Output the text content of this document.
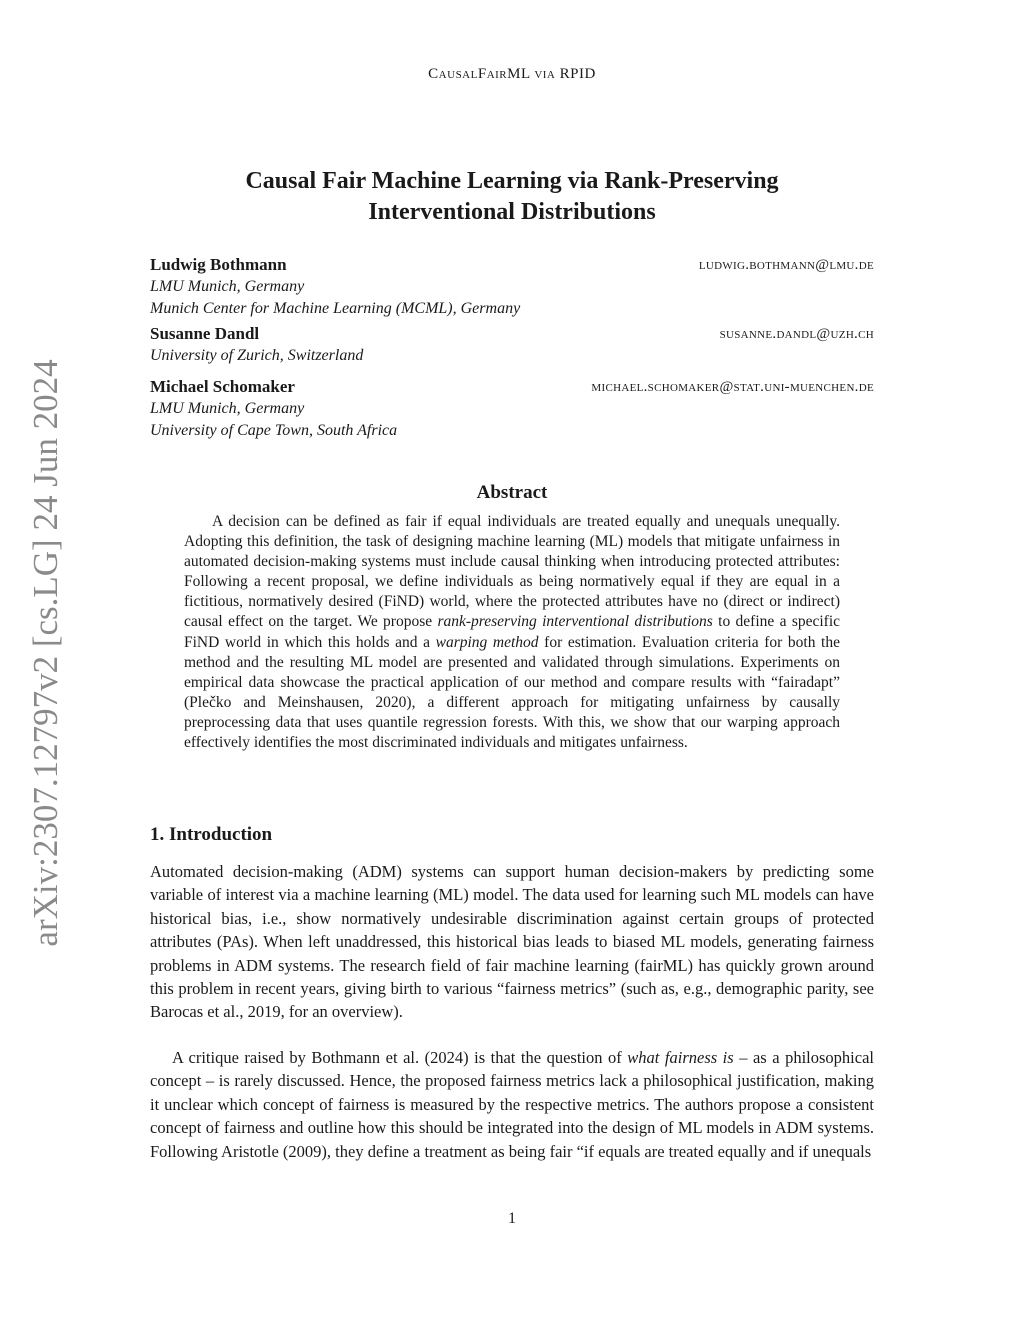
CausalFairML via RPID
arXiv:2307.12797v2 [cs.LG] 24 Jun 2024
Causal Fair Machine Learning via Rank-Preserving
Interventional Distributions
Ludwig Bothmann	ludwig.bothmann@lmu.de
LMU Munich, Germany
Munich Center for Machine Learning (MCML), Germany
Susanne Dandl	susanne.dandl@uzh.ch
University of Zurich, Switzerland
Michael Schomaker	michael.schomaker@stat.uni-muenchen.de
LMU Munich, Germany
University of Cape Town, South Africa
Abstract

A decision can be defined as fair if equal individuals are treated equally and unequals unequally. Adopting this definition, the task of designing machine learning (ML) models that mitigate unfairness in automated decision-making systems must include causal thinking when introducing protected attributes: Following a recent proposal, we define individuals as being normatively equal if they are equal in a fictitious, normatively desired (FiND) world, where the protected attributes have no (direct or indirect) causal effect on the target. We propose rank-preserving interventional distributions to define a specific FiND world in which this holds and a warping method for estimation. Evaluation criteria for both the method and the resulting ML model are presented and validated through simulations. Experiments on empirical data showcase the practical application of our method and compare results with “fairadapt” (Plečko and Meinshausen, 2020), a different approach for mitigating unfairness by causally preprocessing data that uses quantile regression forests. With this, we show that our warping approach effectively identifies the most discriminated individuals and mitigates unfairness.

1. Introduction

Automated decision-making (ADM) systems can support human decision-makers by predicting some variable of interest via a machine learning (ML) model. The data used for learning such ML models can have historical bias, i.e., show normatively undesirable discrimination against certain groups of protected attributes (PAs). When left unaddressed, this historical bias leads to biased ML models, generating fairness problems in ADM systems. The research field of fair machine learning (fairML) has quickly grown around this problem in recent years, giving birth to various “fairness metrics” (such as, e.g., demographic parity, see Barocas et al., 2019, for an overview).

A critique raised by Bothmann et al. (2024) is that the question of what fairness is – as a philosophical concept – is rarely discussed. Hence, the proposed fairness metrics lack a philosophical justification, making it unclear which concept of fairness is measured by the respective metrics. The authors propose a consistent concept of fairness and outline how this should be integrated into the design of ML models in ADM systems. Following Aristotle (2009), they define a treatment as being fair “if equals are treated equally and if unequals

1
